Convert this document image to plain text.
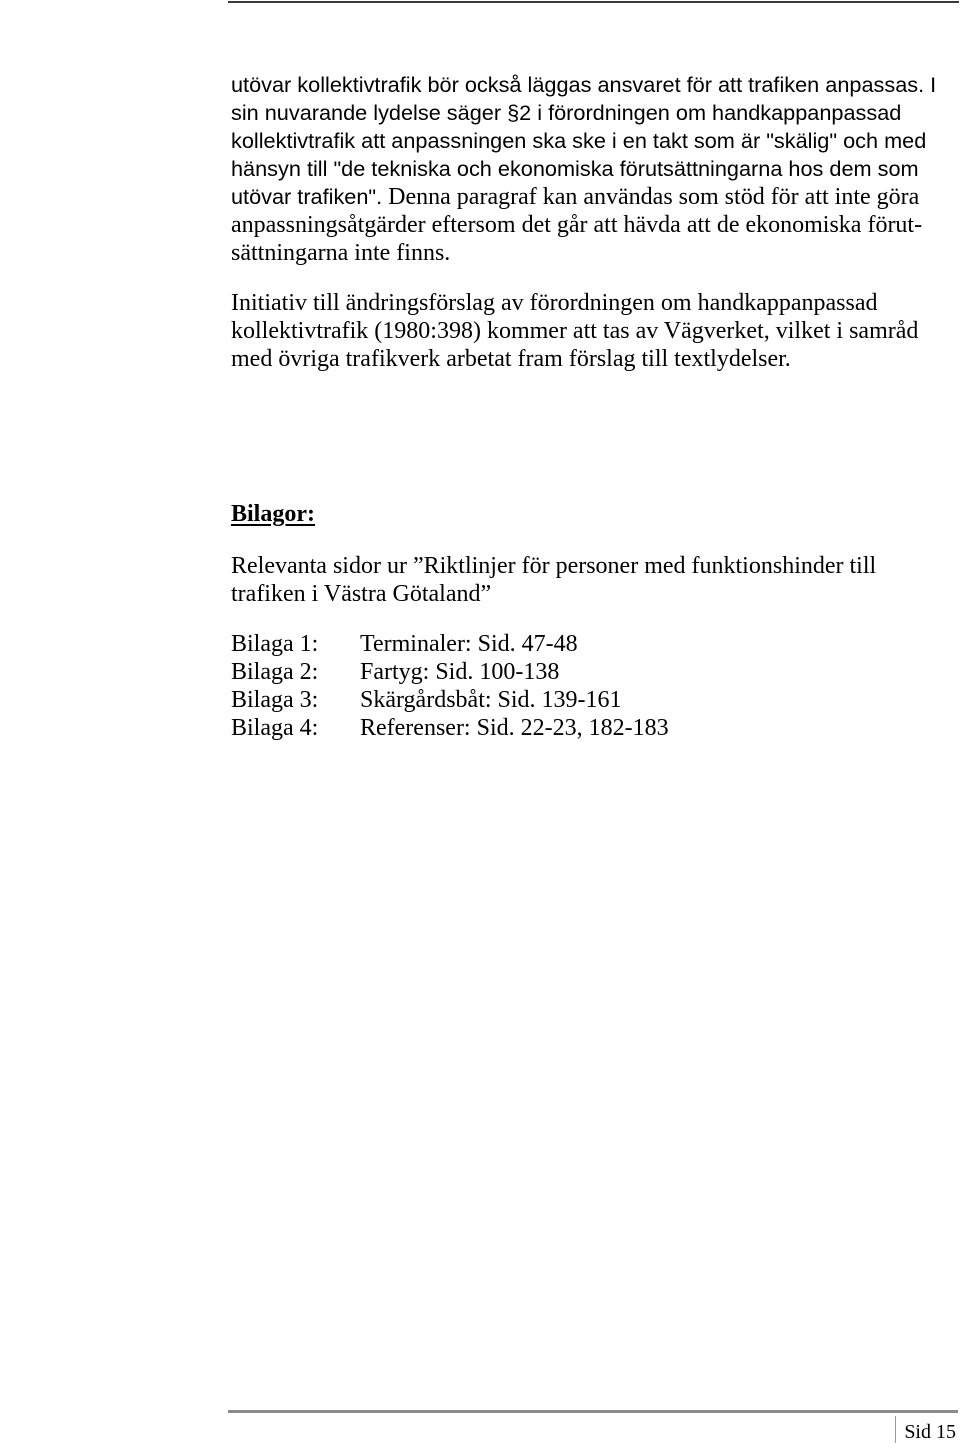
utövar kollektivtrafik bör också läggas ansvaret för att trafiken anpassas. I
sin nuvarande lydelse säger §2 i förordningen om handkappanpassad
kollektivtrafik att anpassningen ska ske i en takt som är "skälig" och med
hänsyn till "de tekniska och ekonomiska förutsättningarna hos dem som
utövar trafiken". Denna paragraf kan användas som stöd för att inte göra
anpassningsåtgärder eftersom det går att hävda att de ekonomiska förut-
sättningarna inte finns.
Initiativ till ändringsförslag av förordningen om handkappanpassad
kollektivtrafik (1980:398) kommer att tas av Vägverket, vilket i samråd
med övriga trafikverk arbetat fram förslag till textlydelser.
Bilagor:
Relevanta sidor ur ”Riktlinjer för personer med funktionshinder till
trafiken i Västra Götaland”
Bilaga 1:	Terminaler: Sid. 47-48
Bilaga 2:	Fartyg: Sid. 100-138
Bilaga 3:	Skärgårdsbåt: Sid. 139-161
Bilaga 4:	Referenser: Sid. 22-23, 182-183
Sid 15
